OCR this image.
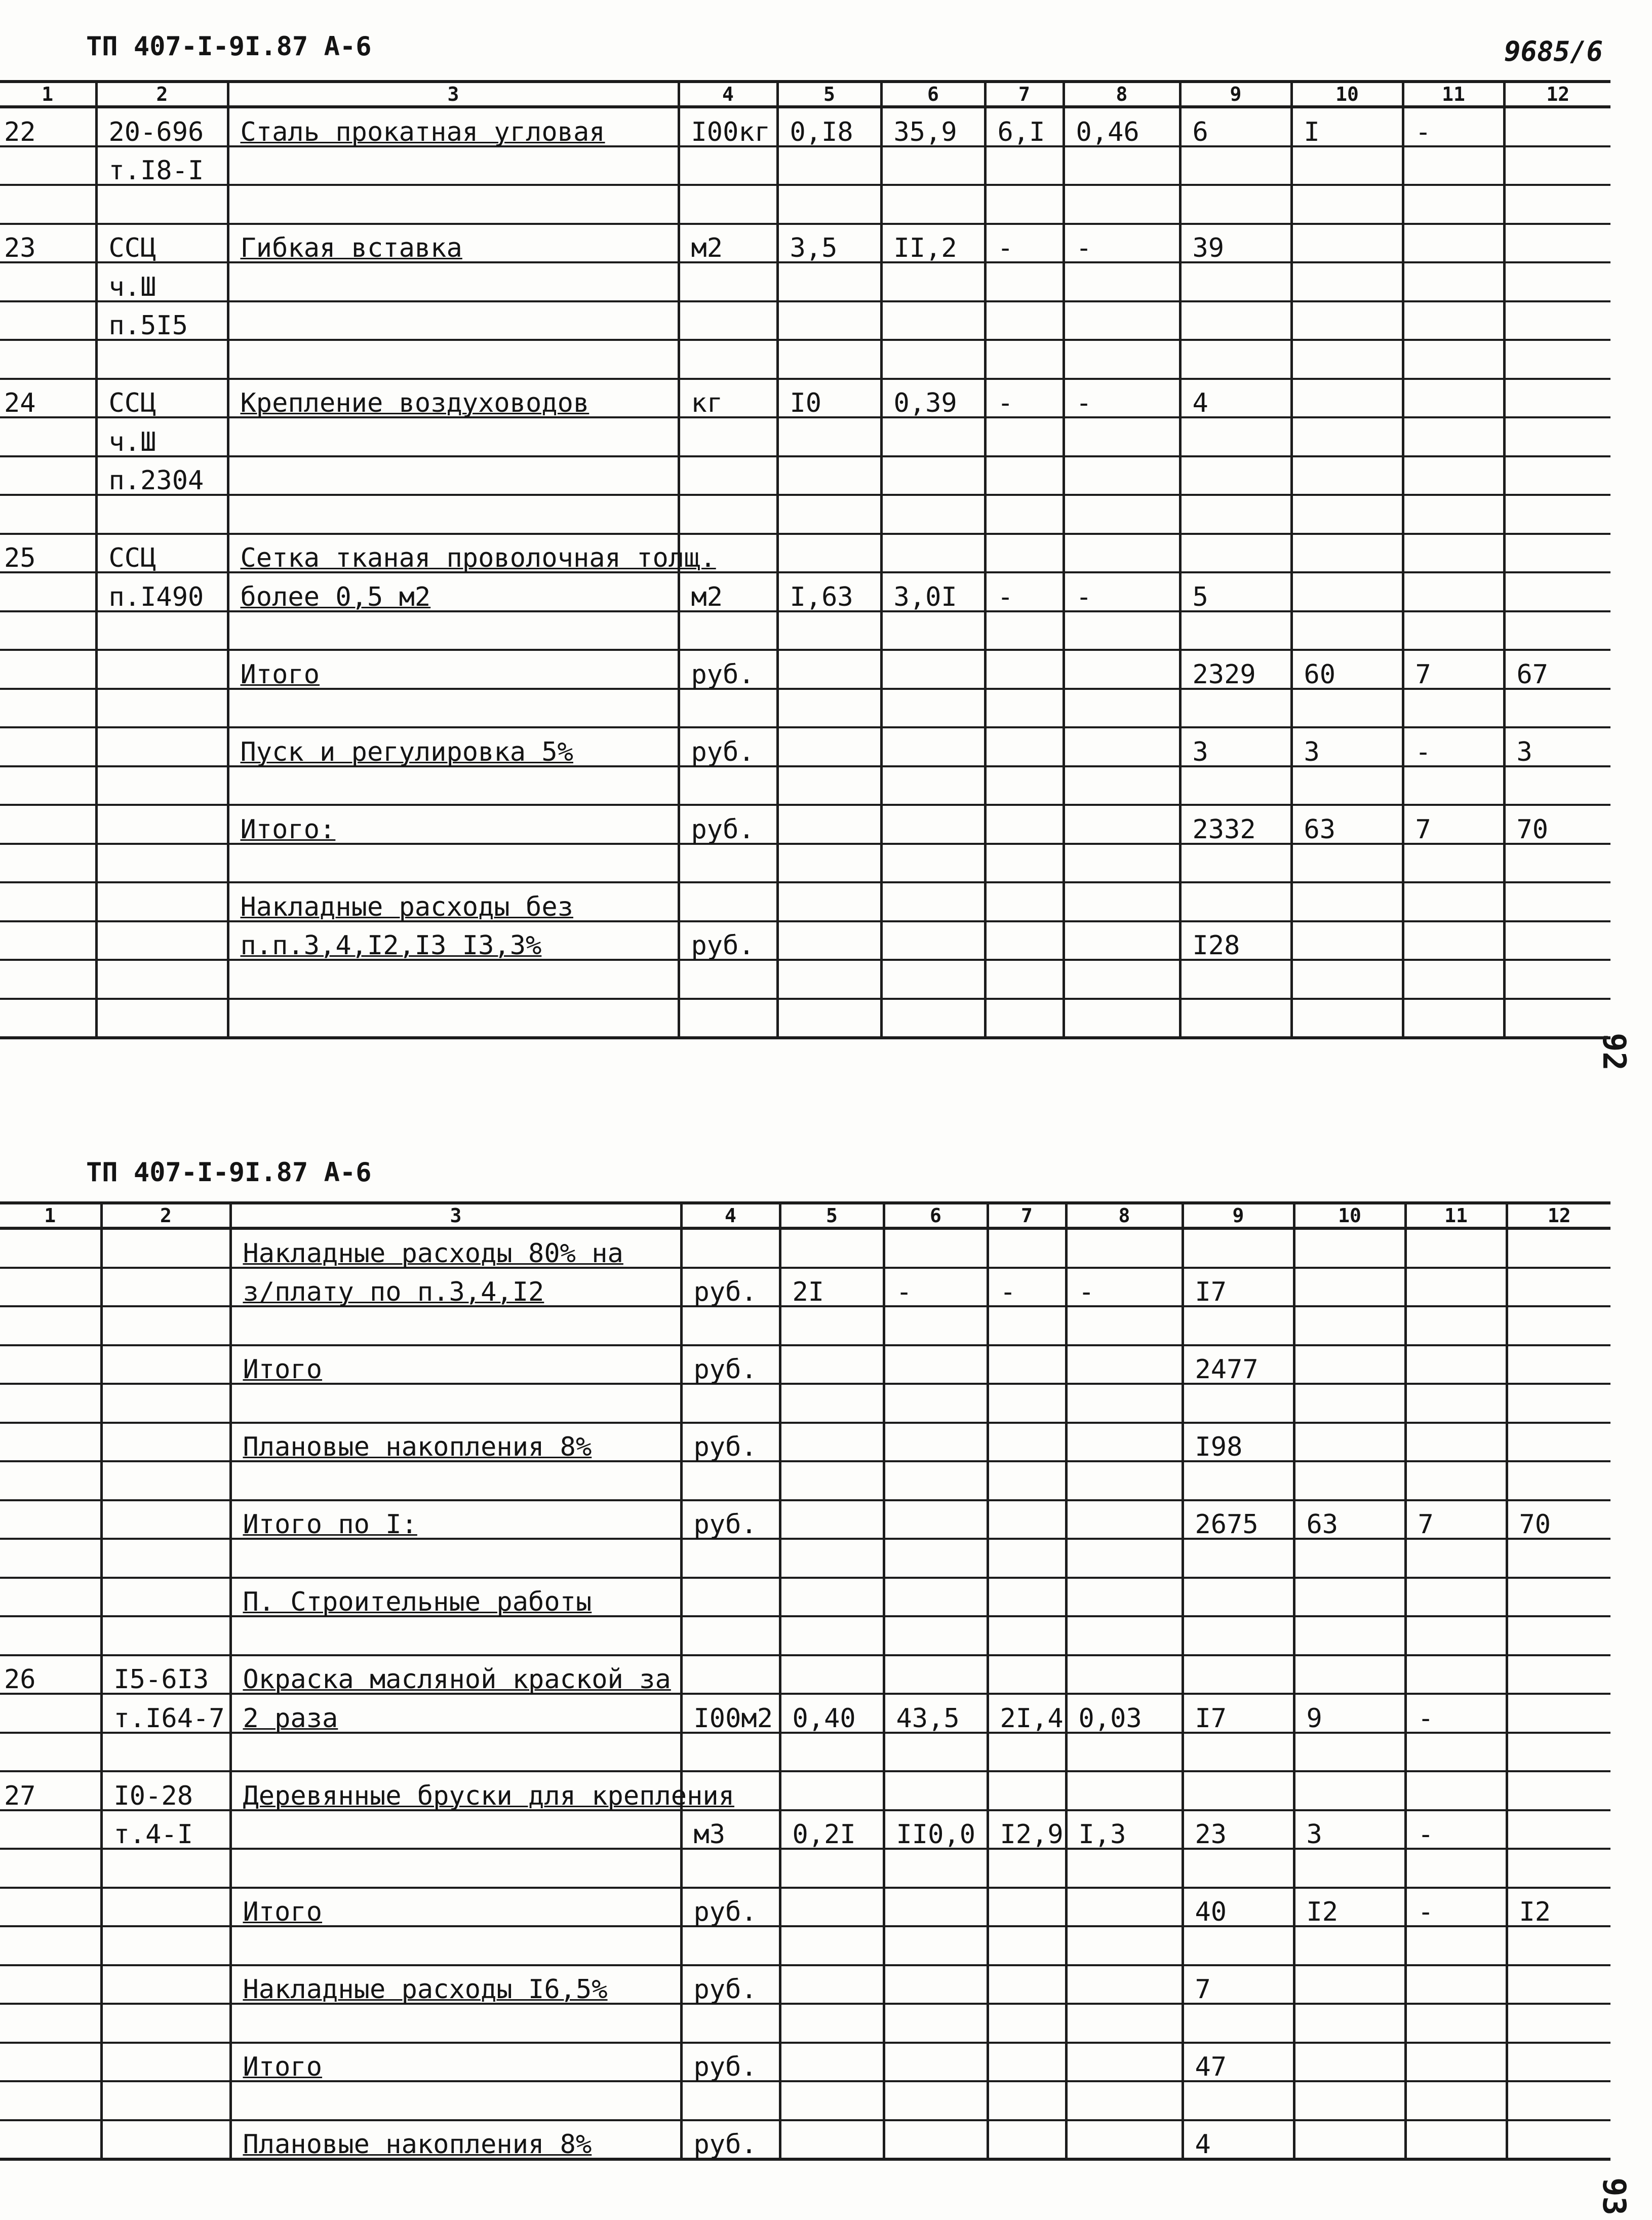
ТП 407-I-9I.87 А-6	9685/6
92
1	2	3	4	5	6	7	8	9	10	11	12
22	20-696	Сталь прокатная угловая	I00кг	0,I8	35,9	6,I	0,46	6	I	-	
	т.I8-I										

23	ССЦ	Гибкая вставка	м2	3,5	II,2	-	-	39			
	ч.Ш										
	п.5I5										

24	ССЦ	Крепление воздуховодов	кг	I0	0,39	-	-	4			
	ч.Ш										
	п.2304										

25	ССЦ	Сетка тканая проволочная толщ.									
	п.I490	более 0,5 м2	м2	I,63	3,0I	-	-	5			

		Итого	руб.					2329	60	7	67

		Пуск и регулировка 5%	руб.					3	3	-	3

		Итого:	руб.					2332	63	7	70

		Накладные расходы без									
		п.п.3,4,I2,I3 I3,3%	руб.					I28			

ТП 407-I-9I.87 А-6
93
1	2	3	4	5	6	7	8	9	10	11	12
		Накладные расходы 80% на									
		з/плату по п.3,4,I2	руб.	2I	-	-	-	I7			

		Итого	руб.					2477			

		Плановые накопления 8%	руб.					I98			

		Итого по I:	руб.					2675	63	7	70

		П. Строительные работы									

26	I5-6I3	Окраска масляной краской за									
	т.I64-7	2 раза	I00м2	0,40	43,5	2I,4	0,03	I7	9	-	

27	I0-28	Деревянные бруски для крепления									
	т.4-I		м3	0,2I	II0,0	I2,9	I,3	23	3	-	

		Итого	руб.					40	I2	-	I2

		Накладные расходы I6,5%	руб.					7			

		Итого	руб.					47			

		Плановые накопления 8%	руб.					4			
